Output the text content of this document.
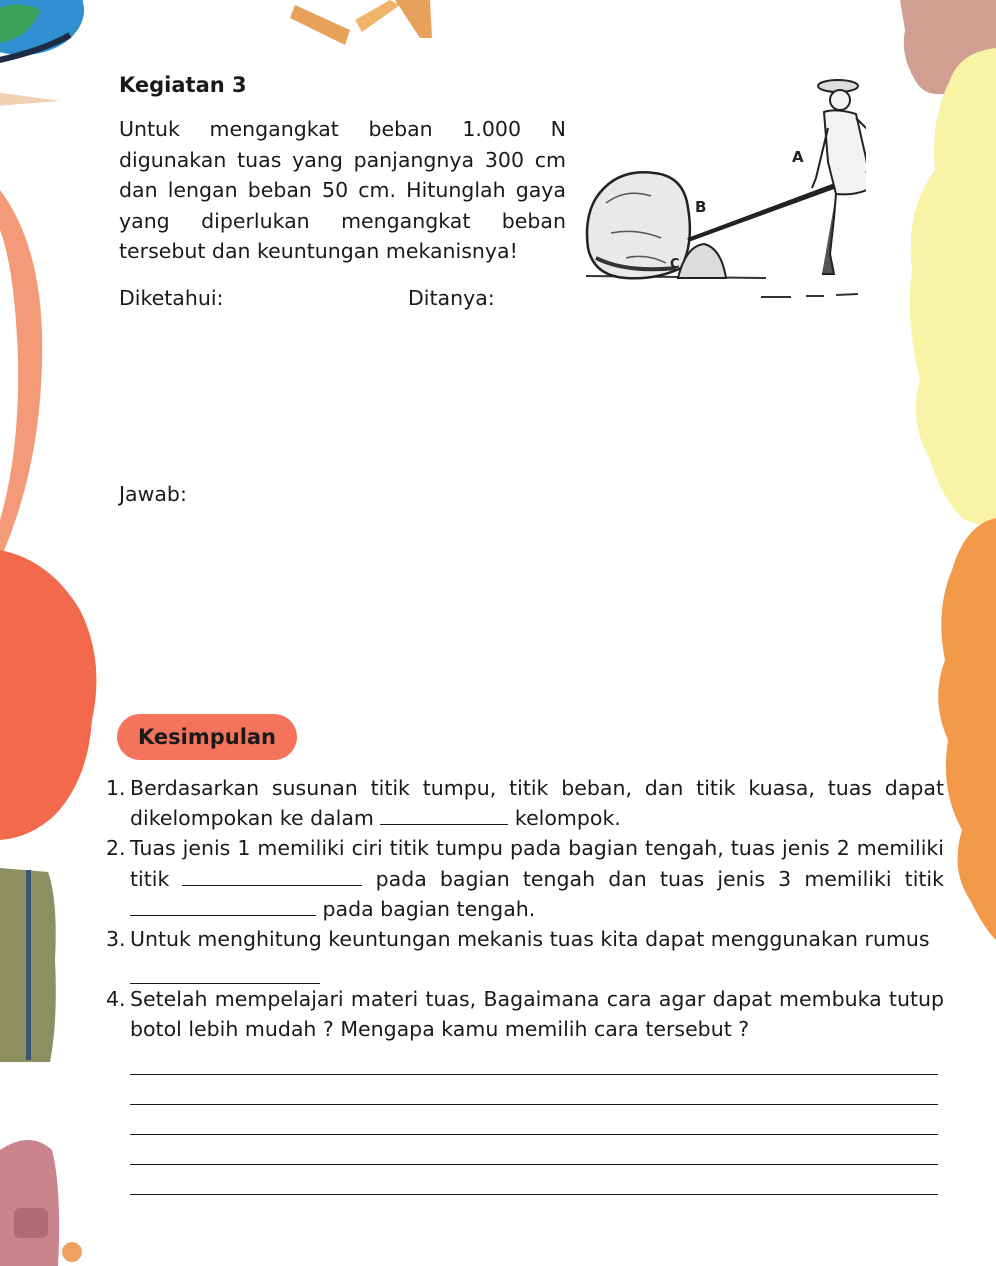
Kegiatan 3
Untuk mengangkat beban 1.000 N digunakan tuas yang panjangnya 300 cm dan lengan beban 50 cm. Hitunglah gaya yang diperlukan mengangkat beban tersebut dan keuntungan mekanisnya!
A
B
C
Diketahui:	Ditanya:
Jawab:
Kesimpulan
1. Berdasarkan susunan titik tumpu, titik beban, dan titik kuasa, tuas dapat dikelompokan ke dalam	kelompok.
2. Tuas jenis 1 memiliki ciri titik tumpu pada bagian tengah, tuas jenis 2 memiliki titik	pada bagian tengah dan tuas jenis 3 memiliki titik  pada bagian tengah.
3. Untuk menghitung keuntungan mekanis tuas kita dapat menggunakan rumus
4. Setelah mempelajari materi tuas, Bagaimana cara agar dapat membuka tutup botol lebih mudah ? Mengapa kamu memilih cara tersebut ?
